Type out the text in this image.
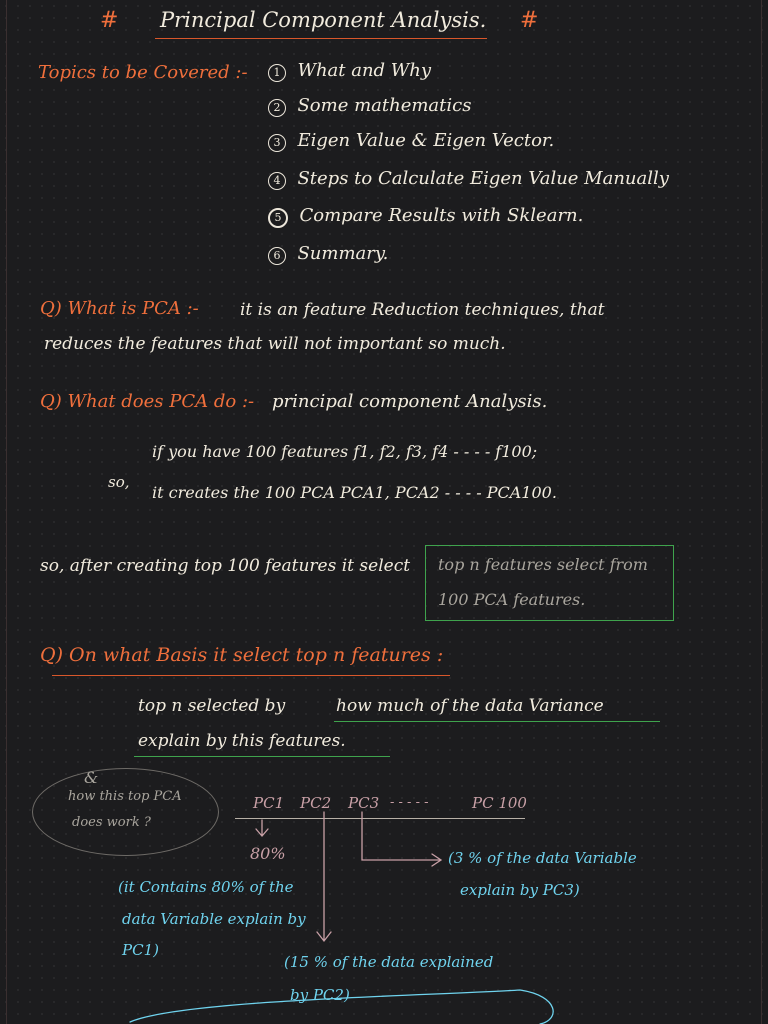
# Principal Component Analysis. #
Topics to be Covered :-	1 What and Why
2 Some mathematics
3 Eigen Value & Eigen Vector.
4 Steps to Calculate Eigen Value Manually
5 Compare Results with Sklearn.
6 Summary.
Q) What is PCA :- it is an feature Reduction techniques, that
reduces the features that will not important so much.
Q) What does PCA do :- principal component Analysis.
so,
if you have 100 features f1, f2, f3, f4 - - - - f100;
it creates the 100 PCA PCA1, PCA2 - - - - PCA100.
so, after creating top 100 features it select top n features select from
100 PCA features.
Q) On what Basis it select top n features :
top n selected by	how much of the data Variance
explain by this features.
&
how this top PCA
does work ?
PC1 PC2 PC3 - - - - -	PC 100
80%
(it Contains 80% of the
data Variable explain by
PC1)
(15 % of the data explained
by PC2)
(3 % of the data Variable
explain by PC3)
